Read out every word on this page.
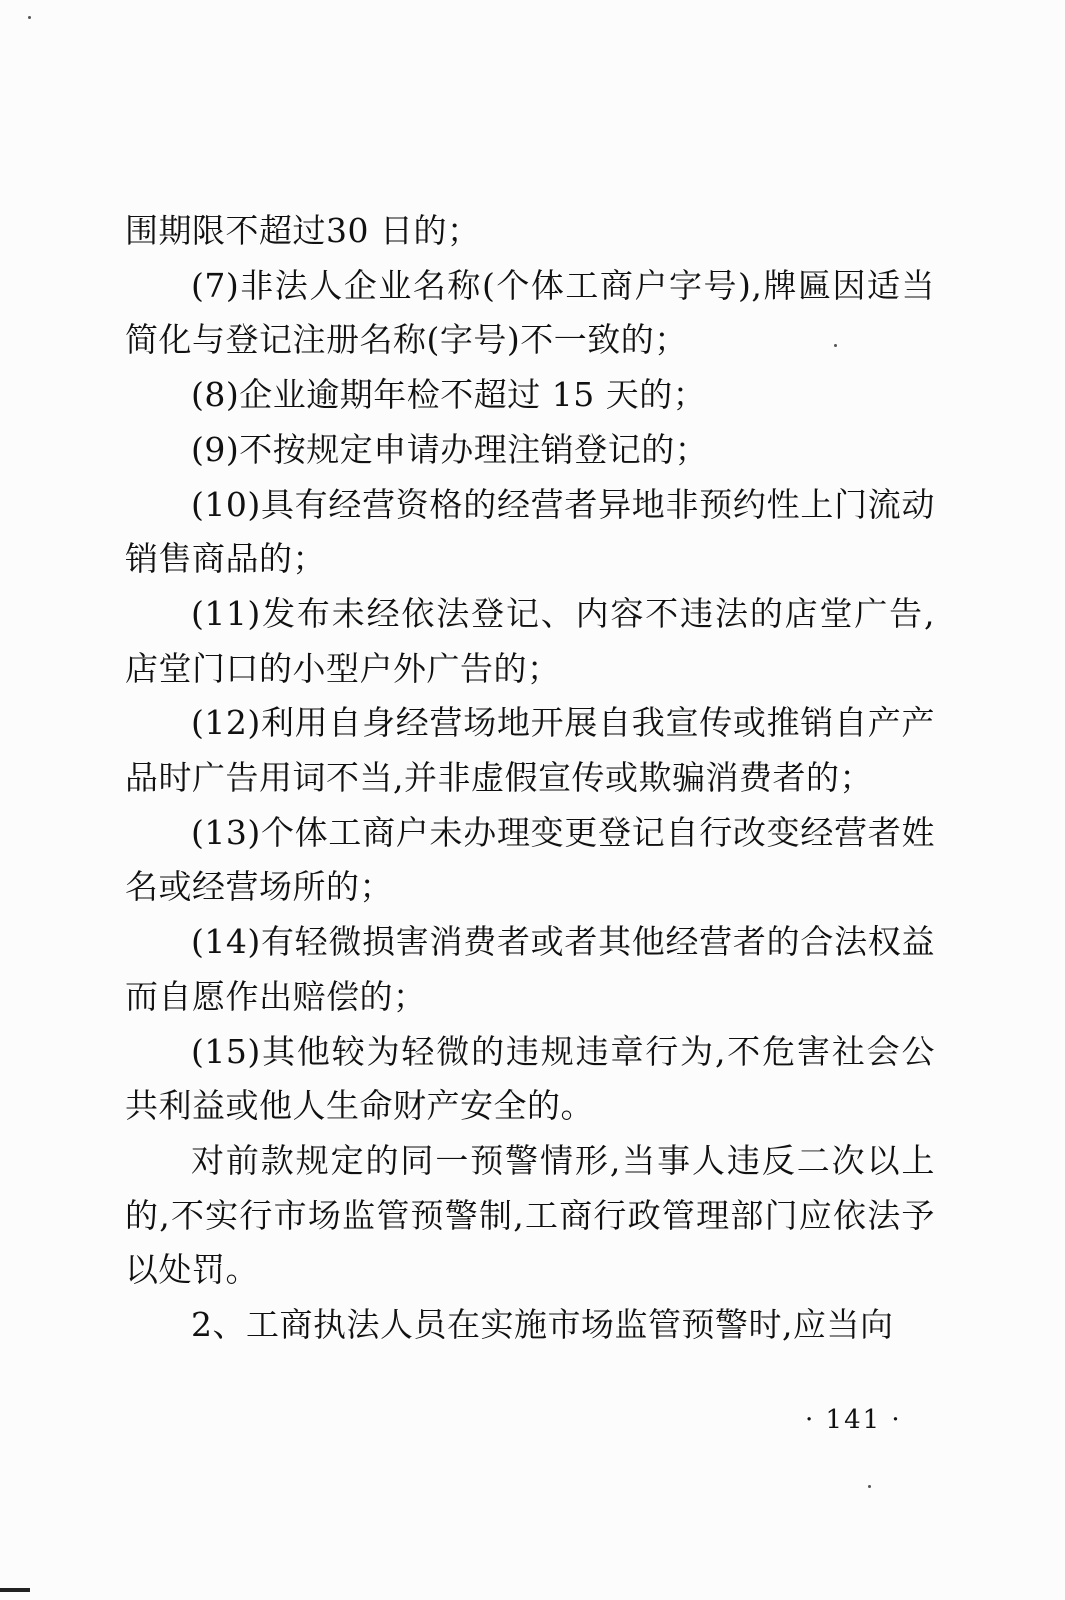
围期限不超过30 日的；

(7)非法人企业名称(个体工商户字号),牌匾因适当简化与登记注册名称(字号)不一致的；

(8)企业逾期年检不超过 15 天的；

(9)不按规定申请办理注销登记的；

(10)具有经营资格的经营者异地非预约性上门流动销售商品的；

(11)发布未经依法登记、内容不违法的店堂广告,店堂门口的小型户外广告的；

(12)利用自身经营场地开展自我宣传或推销自产产品时广告用词不当,并非虚假宣传或欺骗消费者的；

(13)个体工商户未办理变更登记自行改变经营者姓名或经营场所的；

(14)有轻微损害消费者或者其他经营者的合法权益而自愿作出赔偿的；

(15)其他较为轻微的违规违章行为,不危害社会公共利益或他人生命财产安全的。

对前款规定的同一预警情形,当事人违反二次以上的,不实行市场监管预警制,工商行政管理部门应依法予以处罚。

2、工商执法人员在实施市场监管预警时,应当向

· 141 ·
